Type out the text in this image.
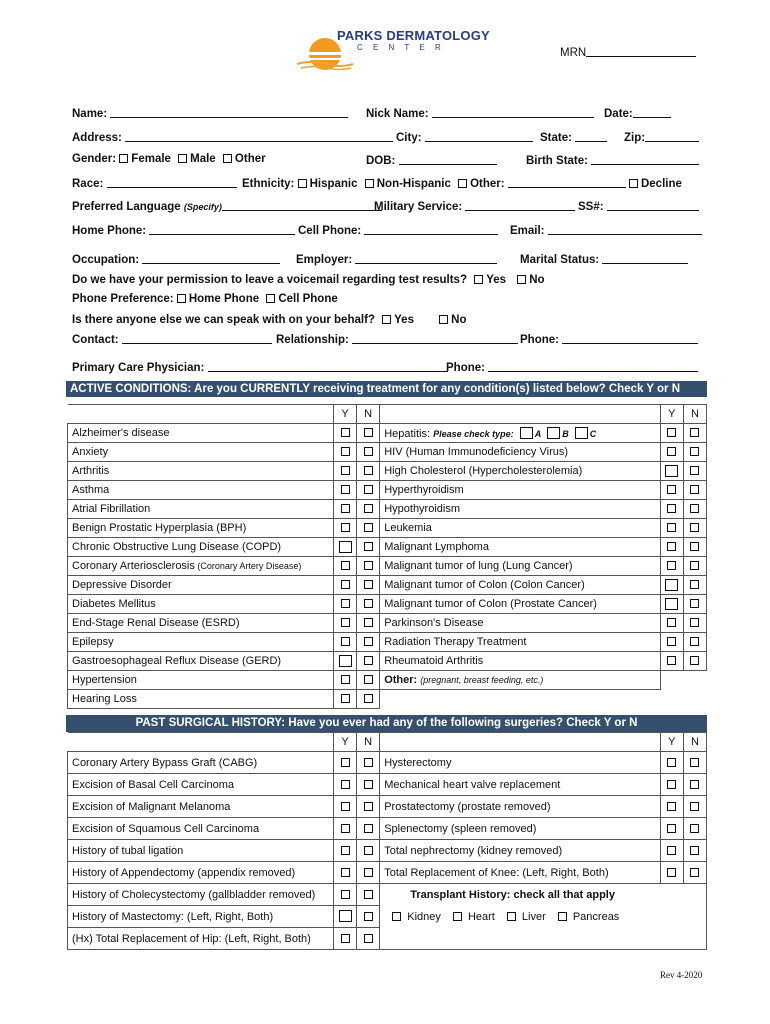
PARKS DERMATOLOGY
C E N T E R	MRN
Name:	Nick Name:	Date:
Address:	City:	State:	Zip:
Gender: Female Male Other	DOB:	Birth State:
Race:	Ethnicity: Hispanic Non-Hispanic Other:	Decline
Preferred Language (Specify)	Military Service:	SS#:
Home Phone:	Cell Phone:	Email:
Occupation:	Employer:	Marital Status:
Do we have your permission to leave a voicemail regarding test results? Yes No
Phone Preference: Home Phone Cell Phone
Is there anyone else we can speak with on your behalf? Yes	No
Contact:	Relationship:	Phone:
Primary Care Physician:	Phone:
ACTIVE CONDITIONS: Are you CURRENTLY receiving treatment for any condition(s) listed below? Check Y or N
	Y	N		Y	N
Alzheimer's disease			Hepatitis: Please check type: A B C		
Anxiety			HIV (Human Immunodeficiency Virus)		
Arthritis			High Cholesterol (Hypercholesterolemia)		
Asthma			Hyperthyroidism		
Atrial Fibrillation			Hypothyroidism		
Benign Prostatic Hyperplasia (BPH)			Leukemia		
Chronic Obstructive Lung Disease (COPD)			Malignant Lymphoma		
Coronary Arteriosclerosis (Coronary Artery Disease)			Malignant tumor of lung (Lung Cancer)		
Depressive Disorder			Malignant tumor of Colon (Colon Cancer)		
Diabetes Mellitus			Malignant tumor of Colon (Prostate Cancer)		
End-Stage Renal Disease (ESRD)			Parkinson's Disease		
Epilepsy			Radiation Therapy Treatment		
Gastroesophageal Reflux Disease (GERD)			Rheumatoid Arthritis		
Hypertension			Other: (pregnant, breast feeding, etc.)		
Hearing Loss					
PAST SURGICAL HISTORY: Have you ever had any of the following surgeries? Check Y or N
	Y	N		Y	N
Coronary Artery Bypass Graft (CABG)			Hysterectomy		
Excision of Basal Cell Carcinoma			Mechanical heart valve replacement		
Excision of Malignant Melanoma			Prostatectomy (prostate removed)		
Excision of Squamous Cell Carcinoma			Splenectomy (spleen removed)		
History of tubal ligation			Total nephrectomy (kidney removed)		
History of Appendectomy (appendix removed)			Total Replacement of Knee: (Left, Right, Both)		
History of Cholecystectomy (gallbladder removed)			Transplant History: check all that apply		
History of Mastectomy: (Left, Right, Both)			Kidney Heart Liver Pancreas		
(Hx) Total Replacement of Hip: (Left, Right, Both)					
Rev 4-2020
